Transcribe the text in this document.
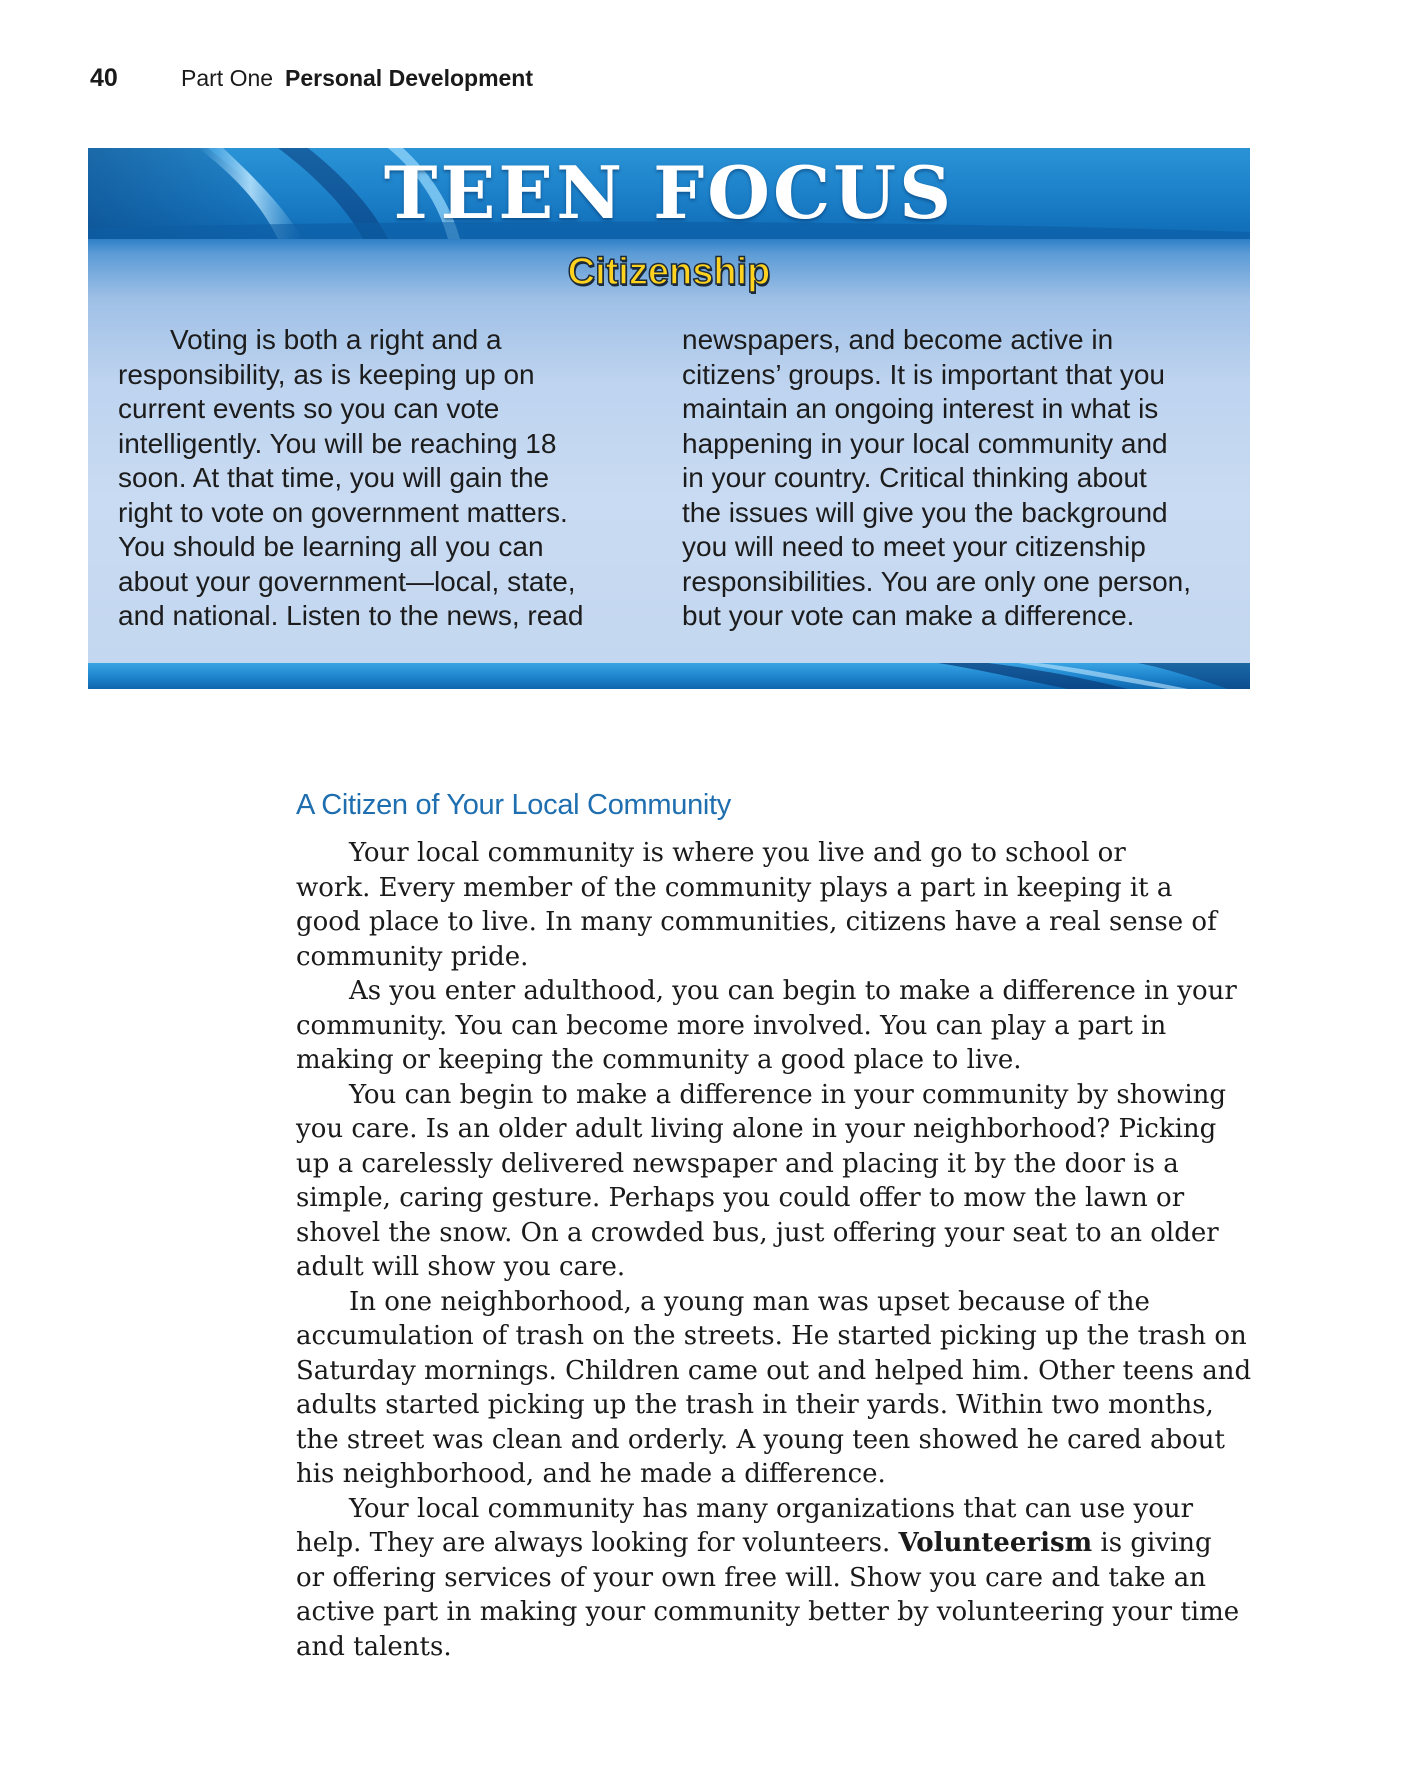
40	Part One Personal Development
TEEN FOCUS
Citizenship

Voting is both a right and a
responsibility, as is keeping up on
current events so you can vote
intelligently. You will be reaching 18
soon. At that time, you will gain the
right to vote on government matters.
You should be learning all you can
about your government—local, state,
and national. Listen to the news, read

newspapers, and become active in
citizens’ groups. It is important that you
maintain an ongoing interest in what is
happening in your local community and
in your country. Critical thinking about
the issues will give you the background
you will need to meet your citizenship
responsibilities. You are only one person,
but your vote can make a difference.

A Citizen of Your Local Community

Your local community is where you live and go to school or
work. Every member of the community plays a part in keeping it a
good place to live. In many communities, citizens have a real sense of
community pride.
As you enter adulthood, you can begin to make a difference in your
community. You can become more involved. You can play a part in
making or keeping the community a good place to live.
You can begin to make a difference in your community by showing
you care. Is an older adult living alone in your neighborhood? Picking
up a carelessly delivered newspaper and placing it by the door is a
simple, caring gesture. Perhaps you could offer to mow the lawn or
shovel the snow. On a crowded bus, just offering your seat to an older
adult will show you care.
In one neighborhood, a young man was upset because of the
accumulation of trash on the streets. He started picking up the trash on
Saturday mornings. Children came out and helped him. Other teens and
adults started picking up the trash in their yards. Within two months,
the street was clean and orderly. A young teen showed he cared about
his neighborhood, and he made a difference.
Your local community has many organizations that can use your
help. They are always looking for volunteers. Volunteerism is giving
or offering services of your own free will. Show you care and take an
active part in making your community better by volunteering your time
and talents.
